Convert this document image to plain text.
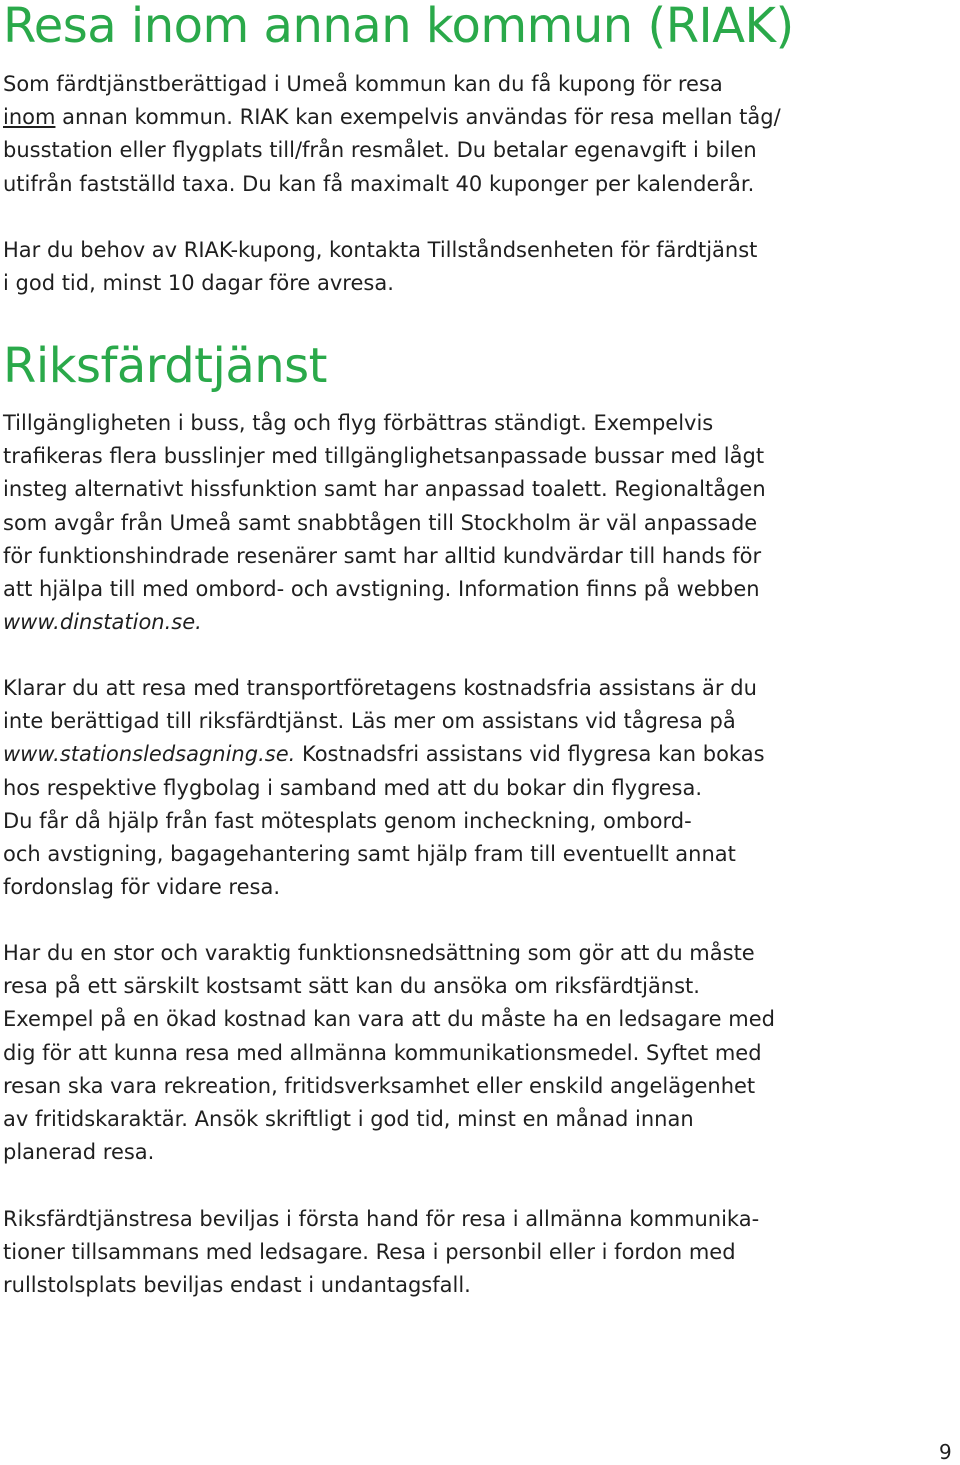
Resa inom annan kommun (RIAK)

Som färdtjänstberättigad i Umeå kommun kan du få kupong för resa
inom annan kommun. RIAK kan exempelvis användas för resa mellan tåg/
busstation eller flygplats till/från resmålet. Du betalar egenavgift i bilen
utifrån fastställd taxa. Du kan få maximalt 40 kuponger per kalenderår.

Har du behov av RIAK-kupong, kontakta Tillståndsenheten för färdtjänst
i god tid, minst 10 dagar före avresa.

Riksfärdtjänst

Tillgängligheten i buss, tåg och flyg förbättras ständigt. Exempelvis
trafikeras flera busslinjer med tillgänglighetsanpassade bussar med lågt
insteg alternativt hissfunktion samt har anpassad toalett. Regionaltågen
som avgår från Umeå samt snabbtågen till Stockholm är väl anpassade
för funktionshindrade resenärer samt har alltid kundvärdar till hands för
att hjälpa till med ombord- och avstigning. Information finns på webben
www.dinstation.se.

Klarar du att resa med transportföretagens kostnadsfria assistans är du
inte berättigad till riksfärdtjänst. Läs mer om assistans vid tågresa på
www.stationsledsagning.se. Kostnadsfri assistans vid flygresa kan bokas
hos respektive flygbolag i samband med att du bokar din flygresa.
Du får då hjälp från fast mötesplats genom incheckning, ombord-
och avstigning, bagagehantering samt hjälp fram till eventuellt annat
fordonslag för vidare resa.

Har du en stor och varaktig funktionsnedsättning som gör att du måste
resa på ett särskilt kostsamt sätt kan du ansöka om riksfärdtjänst.
Exempel på en ökad kostnad kan vara att du måste ha en ledsagare med
dig för att kunna resa med allmänna kommunikationsmedel. Syftet med
resan ska vara rekreation, fritidsverksamhet eller enskild angelägenhet
av fritidskaraktär. Ansök skriftligt i god tid, minst en månad innan
planerad resa.

Riksfärdtjänstresa beviljas i första hand för resa i allmänna kommunika-
tioner tillsammans med ledsagare. Resa i personbil eller i fordon med
rullstolsplats beviljas endast i undantagsfall.

9
